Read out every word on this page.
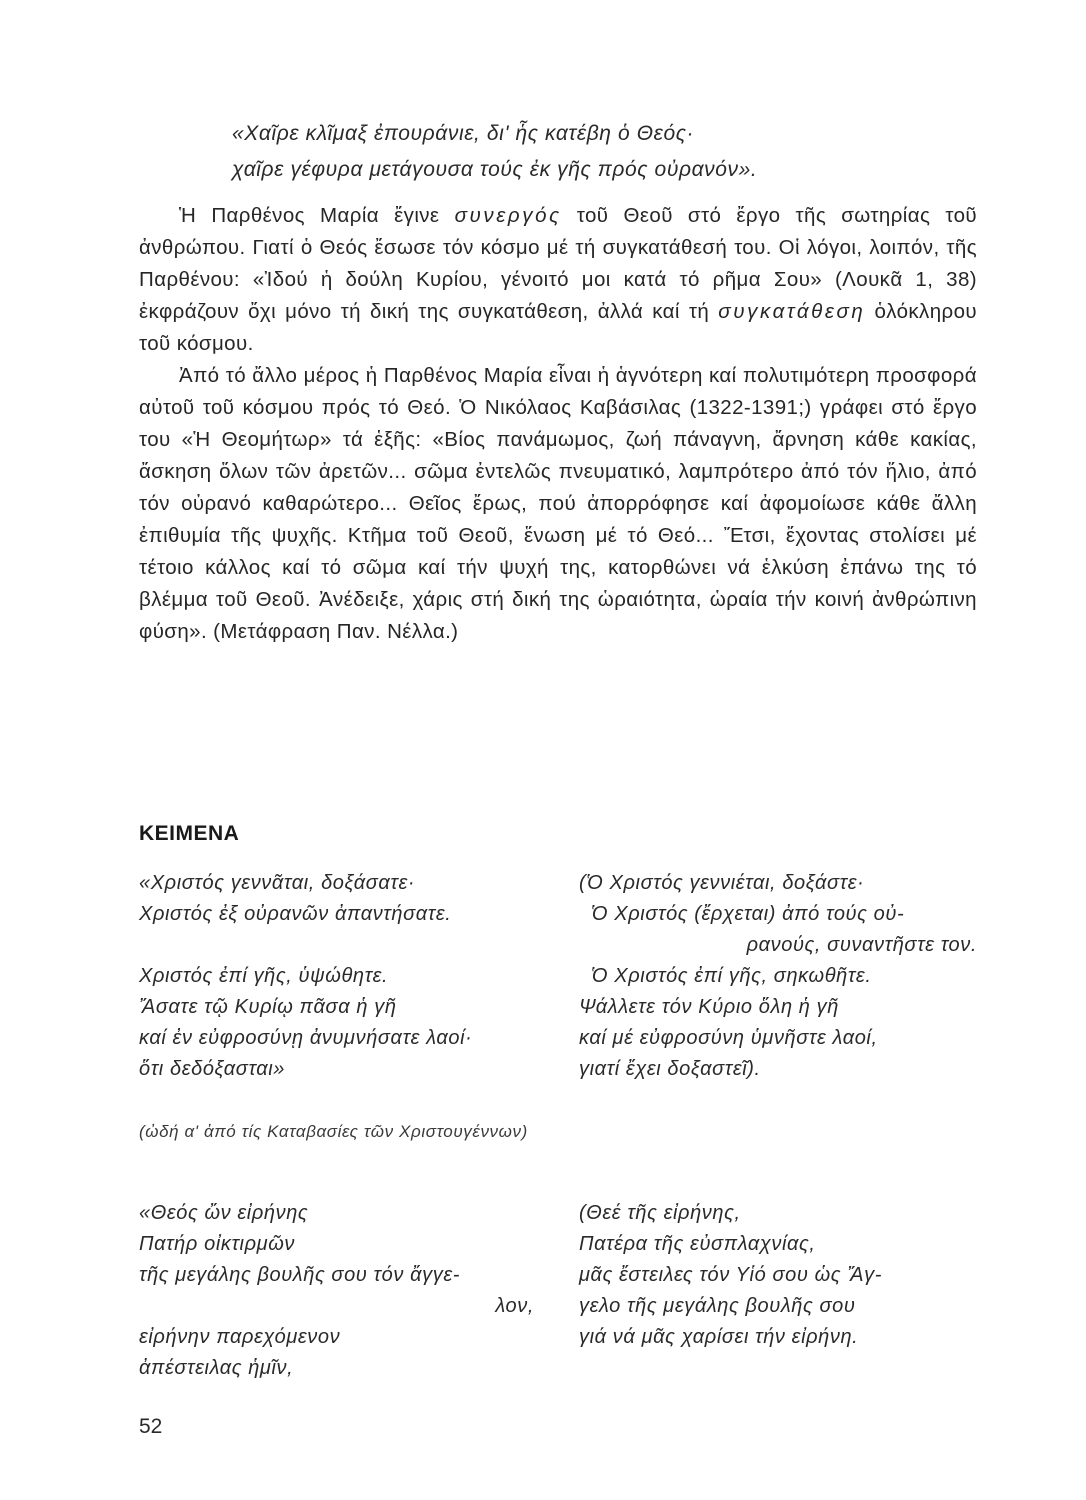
«Χαῖρε κλῖμαξ ἐπουράνιε, δι' ἧς κατέβη ὁ Θεός·
χαῖρε γέφυρα μετάγουσα τούς ἐκ γῆς πρός οὐρανόν».

Ἡ Παρθένος Μαρία ἔγινε συνεργός τοῦ Θεοῦ στό ἔργο τῆς σωτηρίας τοῦ ἀνθρώπου. Γιατί ὁ Θεός ἔσωσε τόν κόσμο μέ τή συγκατάθεσή του. Οἱ λόγοι, λοιπόν, τῆς Παρθένου: «Ἰδού ἡ δούλη Κυρίου, γένοιτό μοι κατά τό ρῆμα Σου» (Λουκᾶ 1, 38) ἐκφράζουν ὄχι μόνο τή δική της συγκατάθεση, ἀλλά καί τή συγκατάθεση ὁλόκληρου τοῦ κόσμου.

Ἀπό τό ἄλλο μέρος ἡ Παρθένος Μαρία εἶναι ἡ ἁγνότερη καί πολυτιμότερη προσφορά αὐτοῦ τοῦ κόσμου πρός τό Θεό. Ὁ Νικόλαος Καβάσιλας (1322-1391;) γράφει στό ἔργο του «Ἡ Θεομήτωρ» τά ἑξῆς: «Βίος πανάμωμος, ζωή πάναγνη, ἄρνηση κάθε κακίας, ἄσκηση ὅλων τῶν ἀρετῶν... σῶμα ἐντελῶς πνευματικό, λαμπρότερο ἀπό τόν ἥλιο, ἀπό τόν οὐρανό καθαρώτερο... Θεῖος ἔρως, πού ἀπορρόφησε καί ἀφομοίωσε κάθε ἄλλη ἐπιθυμία τῆς ψυχῆς. Κτῆμα τοῦ Θεοῦ, ἕνωση μέ τό Θεό... Ἔτσι, ἔχοντας στολίσει μέ τέτοιο κάλλος καί τό σῶμα καί τήν ψυχή της, κατορθώνει νά ἑλκύση ἐπάνω της τό βλέμμα τοῦ Θεοῦ. Ἀνέδειξε, χάρις στή δική της ὡραιότητα, ὡραία τήν κοινή ἀνθρώπινη φύση». (Μετάφραση Παν. Νέλλα.)

ΚΕΙΜΕΝΑ
«Χριστός γεννᾶται, δοξάσατε·
Χριστός ἐξ οὐρανῶν ἀπαντήσατε.
Χριστός ἐπί γῆς, ὑψώθητε.
Ἄσατε τῷ Κυρίῳ πᾶσα ἡ γῆ
καί ἐν εὐφροσύνῃ ἀνυμνήσατε λαοί·
ὅτι δεδόξασται»
(Ὁ Χριστός γεννιέται, δοξάστε·
Ὁ Χριστός (ἔρχεται) ἀπό τούς οὐ-
ρανούς, συναντῆστε τον.
Ὁ Χριστός ἐπί γῆς, σηκωθῆτε.
Ψάλλετε τόν Κύριο ὅλη ἡ γῆ
καί μέ εὐφροσύνη ὑμνῆστε λαοί,
γιατί ἔχει δοξαστεῖ).
(ὠδή α' ἀπό τίς Καταβασίες τῶν Χριστουγέννων)
«Θεός ὤν εἰρήνης
Πατήρ οἰκτιρμῶν
τῆς μεγάλης βουλῆς σου τόν ἄγγε-
λον,
εἰρήνην παρεχόμενον
ἀπέστειλας ἡμῖν,
(Θεέ τῆς εἰρήνης,
Πατέρα τῆς εὐσπλαχνίας,
μᾶς ἔστειλες τόν Υἱό σου ὡς Ἄγ-
γελο τῆς μεγάλης βουλῆς σου
γιά νά μᾶς χαρίσει τήν εἰρήνη.
52
